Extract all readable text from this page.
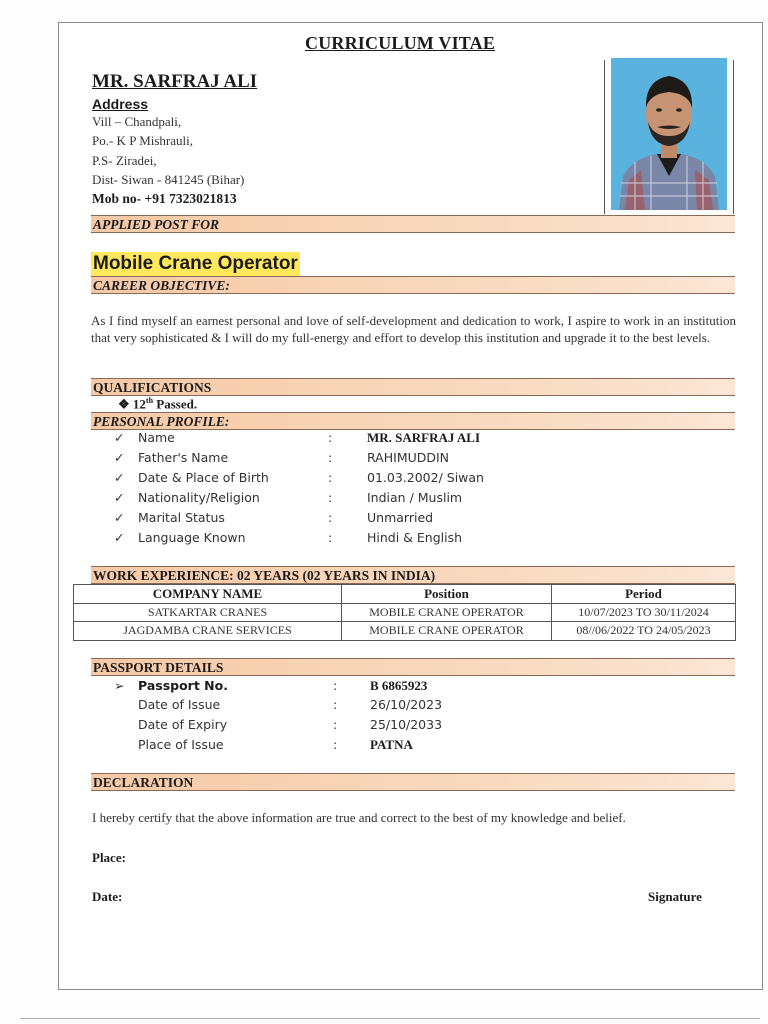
CURRICULUM VITAE
MR. SARFRAJ ALI
Address
Vill – Chandpali,
Po.- K P Mishrauli,
P.S- Ziradei,
Dist- Siwan - 841245 (Bihar)
Mob no- +91 7323021813
APPLIED POST FOR
Mobile Crane Operator
CAREER OBJECTIVE:
As I find myself an earnest personal and love of self-development and dedication to work, I aspire to work in an institution that very sophisticated & I will do my full-energy and effort to develop this institution and upgrade it to the best levels.
QUALIFICATIONS
❖ 12th Passed.
PERSONAL PROFILE:
✓ Name	:	MR. SARFRAJ ALI
✓ Father's Name	:	RAHIMUDDIN
✓ Date & Place of Birth	:	01.03.2002/ Siwan
✓ Nationality/Religion	:	Indian / Muslim
✓ Marital Status	:	Unmarried
✓ Language Known	:	Hindi & English
WORK EXPERIENCE: 02 YEARS (02 YEARS IN INDIA)
COMPANY NAME	Position	Period
SATKARTAR CRANES	MOBILE CRANE OPERATOR	10/07/2023 TO 30/11/2024
JAGDAMBA CRANE SERVICES	MOBILE CRANE OPERATOR	08//06/2022 TO 24/05/2023
PASSPORT DETAILS
➢ Passport No.	:	B 6865923
Date of Issue	:	26/10/2023
Date of Expiry	:	25/10/2033
Place of Issue	:	PATNA
DECLARATION
I hereby certify that the above information are true and correct to the best of my knowledge and belief.
Place:
Date:	Signature
